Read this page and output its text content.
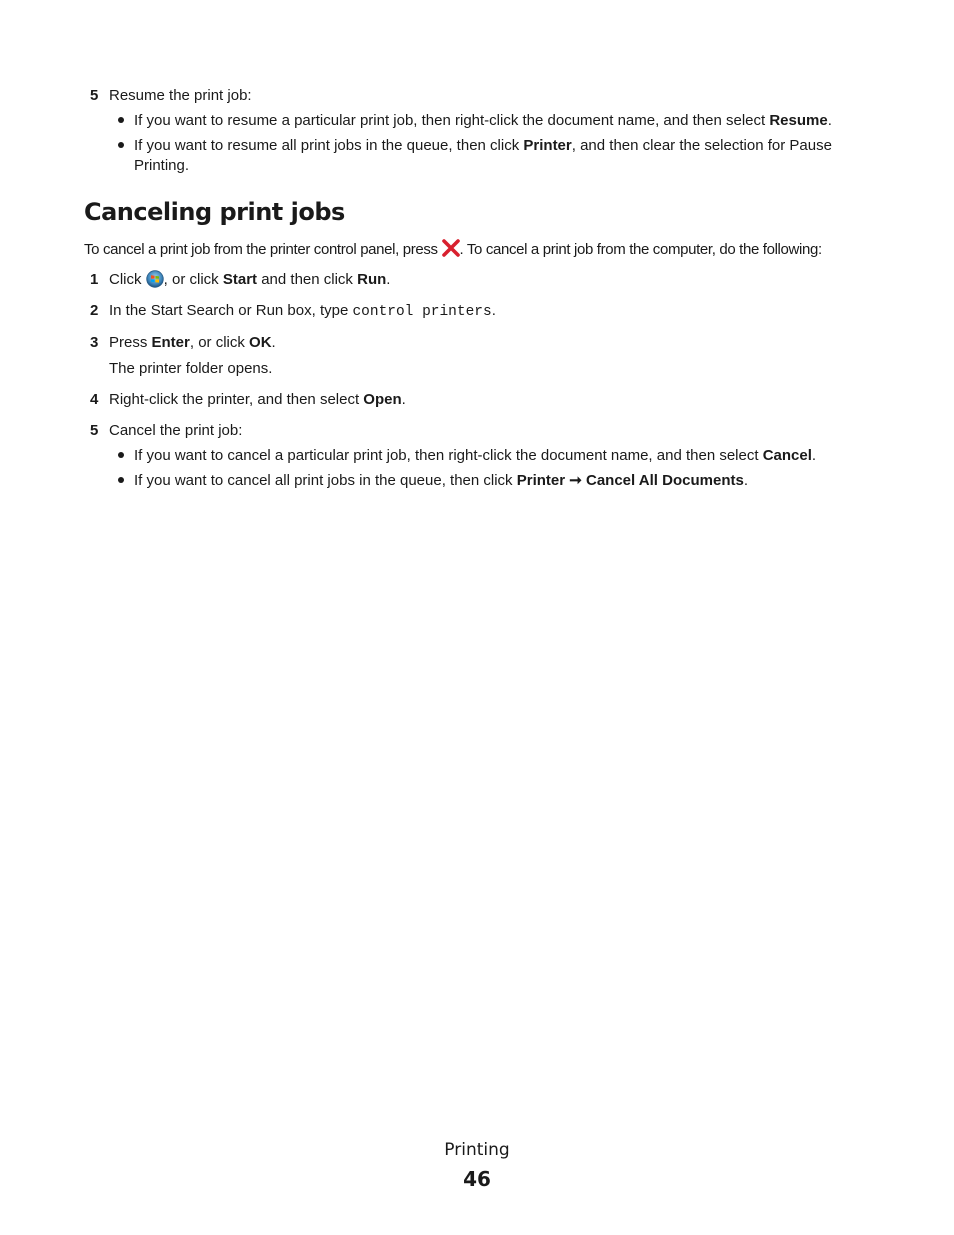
5 Resume the print job:
If you want to resume a particular print job, then right-click the document name, and then select Resume.
If you want to resume all print jobs in the queue, then click Printer, and then clear the selection for Pause
Printing.
Canceling print jobs
To cancel a print job from the printer control panel, press . To cancel a print job from the computer, do the following:
1 Click , or click Start and then click Run.
2 In the Start Search or Run box, type control printers.
3 Press Enter, or click OK.
The printer folder opens.
4 Right-click the printer, and then select Open.
5 Cancel the print job:
If you want to cancel a particular print job, then right-click the document name, and then select Cancel.
If you want to cancel all print jobs in the queue, then click Printer ➞ Cancel All Documents.
Printing
46
